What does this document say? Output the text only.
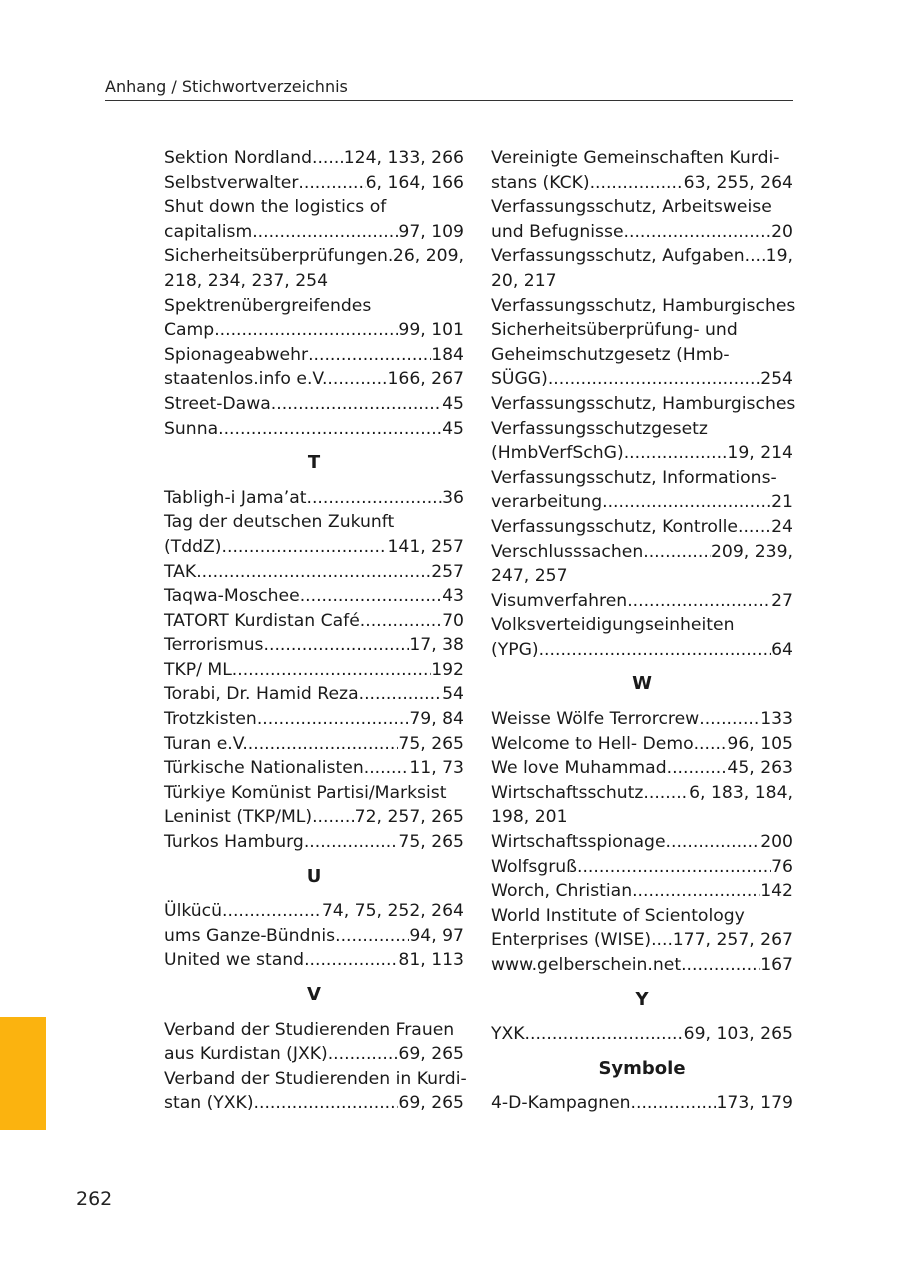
Anhang / Stichwortverzeichnis
Sektion Nordland ..... 124, 133, 266
Selbstverwalter .....	6, 164, 166
Shut down the logistics of
capitalism .....	97, 109
Sicherheitsüberprüfungen ..... 26, 209,
218, 234, 237, 254
Spektrenübergreifendes
Camp .....	99, 101
Spionageabwehr .....	184
staatenlos.info e.V. .....	166, 267
Street-Dawa .....	45
Sunna .....	45
T
Tabligh-i Jama’at .....	36
Tag der deutschen Zukunft
(TddZ) .....	141, 257
TAK .....	257
Taqwa-Moschee .....	43
TATORT Kurdistan Café .....	70
Terrorismus .....	17, 38
TKP/ ML .....	192
Torabi, Dr. Hamid Reza .....	54
Trotzkisten .....	79, 84
Turan e.V. .....	75, 265
Türkische Nationalisten .....	11, 73
Türkiye Komünist Partisi/Marksist
Leninist (TKP/ML) ..... 72, 257, 265
Turkos Hamburg .....	75, 265
U
Ülkücü .....	74, 75, 252, 264
ums Ganze-Bündnis .....	94, 97
United we stand .....	81, 113
V
Verband der Studierenden Frauen
aus Kurdistan (JXK) .....	69, 265
Verband der Studierenden in Kurdi-
stan (YXK) .....	69, 265
Vereinigte Gemeinschaften Kurdi-
stans (KCK) .....	63, 255, 264
Verfassungsschutz, Arbeitsweise
und Befugnisse .....	20
Verfassungsschutz, Aufgaben ..... 19,
20, 217
Verfassungsschutz, Hamburgisches
Sicherheitsüberprüfung- und
Geheimschutzgesetz (Hmb-
SÜGG) .....	254
Verfassungsschutz, Hamburgisches
Verfassungsschutzgesetz
(HmbVerfSchG) .....	19, 214
Verfassungsschutz, Informations-
verarbeitung .....	21
Verfassungsschutz, Kontrolle ..... 24
Verschlusssachen .....	209, 239,
247, 257
Visumverfahren .....	27
Volksverteidigungseinheiten
(YPG) .....	64
W
Weisse Wölfe Terrorcrew .....	133
Welcome to Hell- Demo ..... 96, 105
We love Muhammad .....	45, 263
Wirtschaftsschutz .....	6, 183, 184,
198, 201
Wirtschaftsspionage .....	200
Wolfsgruß .....	76
Worch, Christian .....	142
World Institute of Scientology
Enterprises (WISE) ..... 177, 257, 267
www.gelberschein.net .....	167
Y
YXK .....	69, 103, 265
Symbole
4-D-Kampagnen .....	173, 179
262
